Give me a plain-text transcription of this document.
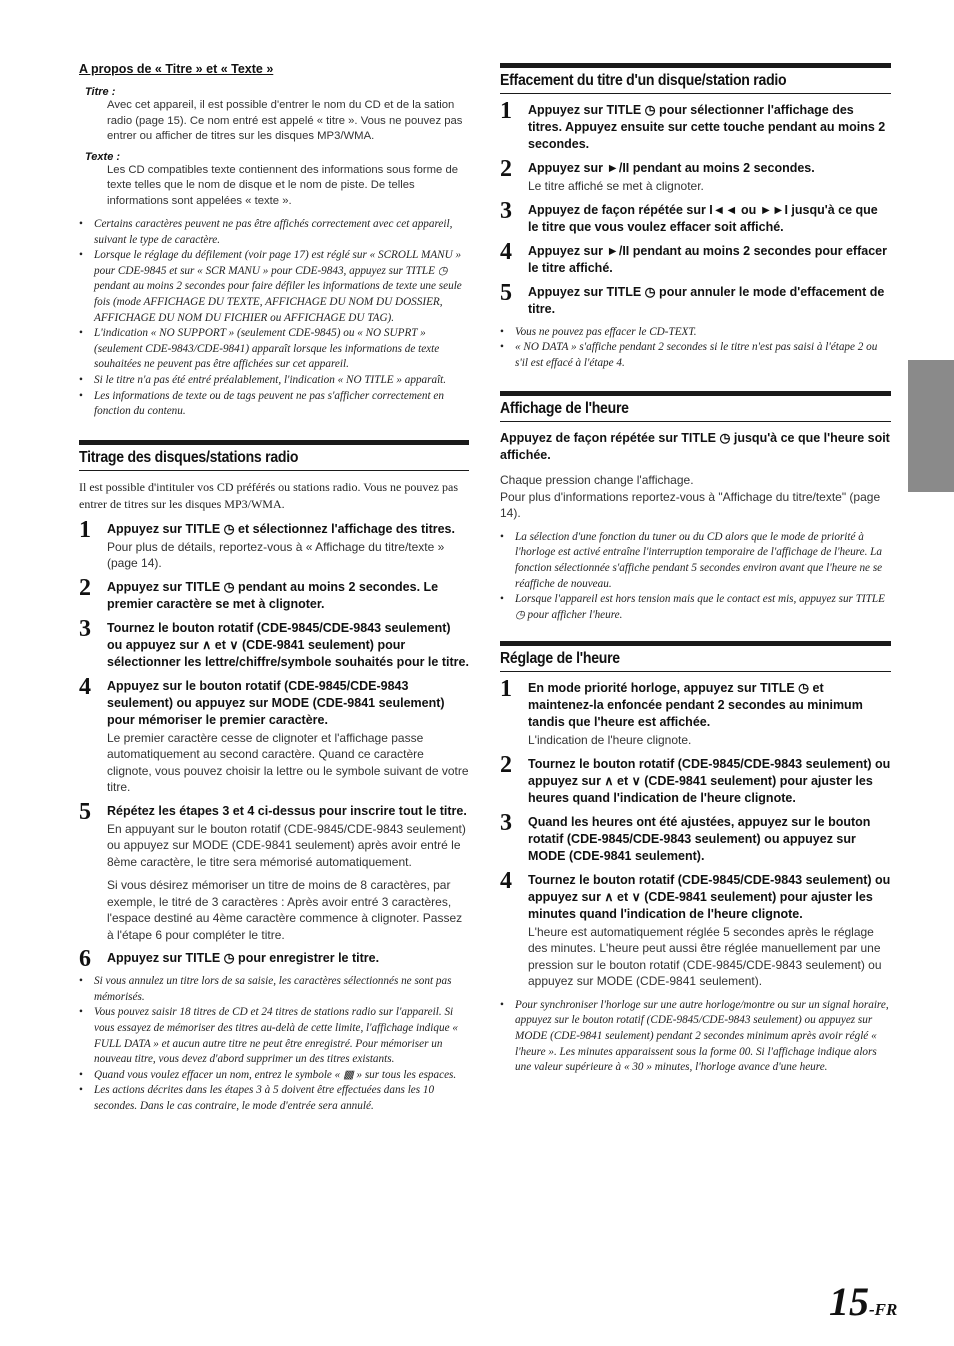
A propos de « Titre » et « Texte »
Titre :
Avec cet appareil, il est possible d'entrer le nom du CD et de la sation radio (page 15). Ce nom entré est appelé « titre ». Vous ne pouvez pas entrer ou afficher de titres sur les disques MP3/WMA.
Texte :
Les CD compatibles texte contiennent des informations sous forme de texte telles que le nom de disque et le nom de piste. De telles informations sont appelées « texte ».
• Certains caractères peuvent ne pas être affichés correctement avec cet appareil, suivant le type de caractère.
• Lorsque le réglage du défilement (voir page 17) est réglé sur « SCROLL MANU » pour CDE-9845 et sur « SCR MANU » pour CDE-9843, appuyez sur TITLE ◷ pendant au moins 2 secondes pour faire défiler les informations de texte une seule fois (mode AFFICHAGE DU TEXTE, AFFICHAGE DU NOM DU DOSSIER, AFFICHAGE DU NOM DU FICHIER ou AFFICHAGE DU TAG).
• L'indication « NO SUPPORT » (seulement CDE-9845) ou « NO SUPRT » (seulement CDE-9843/CDE-9841) apparaît lorsque les informations de texte souhaitées ne peuvent pas être affichées sur cet appareil.
• Si le titre n'a pas été entré préalablement, l'indication « NO TITLE » apparaît.
• Les informations de texte ou de tags peuvent ne pas s'afficher correctement en fonction du contenu.
Titrage des disques/stations radio

Il est possible d'intituler vos CD préférés ou stations radio. Vous ne pouvez pas entrer de titres sur les disques MP3/WMA.

1 Appuyez sur TITLE ◷ et sélectionnez l'affichage des titres.
Pour plus de détails, reportez-vous à « Affichage du titre/texte » (page 14).
2 Appuyez sur TITLE ◷ pendant au moins 2 secondes. Le premier caractère se met à clignoter.
3 Tournez le bouton rotatif (CDE-9845/CDE-9843 seulement) ou appuyez sur ∧ et ∨ (CDE-9841 seulement) pour sélectionner les lettre/chiffre/symbole souhaités pour le titre.
4 Appuyez sur le bouton rotatif (CDE-9845/CDE-9843 seulement) ou appuyez sur MODE (CDE-9841 seulement) pour mémoriser le premier caractère.
Le premier caractère cesse de clignoter et l'affichage passe automatiquement au second caractère. Quand ce caractère clignote, vous pouvez choisir la lettre ou le symbole suivant de votre titre.
5 Répétez les étapes 3 et 4 ci-dessus pour inscrire tout le titre.
En appuyant sur le bouton rotatif (CDE-9845/CDE-9843 seulement) ou appuyez sur MODE (CDE-9841 seulement) après avoir entré le 8ème caractère, le titre sera mémorisé automatiquement.
Si vous désirez mémoriser un titre de moins de 8 caractères, par exemple, le titré de 3 caractères : Après avoir entré 3 caractères, l'espace destiné au 4ème caractère commence à clignoter. Passez à l'étape 6 pour compléter le titre.
6 Appuyez sur TITLE ◷ pour enregistrer le titre.
• Si vous annulez un titre lors de sa saisie, les caractères sélectionnés ne sont pas mémorisés.
• Vous pouvez saisir 18 titres de CD et 24 titres de stations radio sur l'appareil. Si vous essayez de mémoriser des titres au-delà de cette limite, l'affichage indique « FULL DATA » et aucun autre titre ne peut être enregistré. Pour mémoriser un nouveau titre, vous devez d'abord supprimer un des titres existants.
• Quand vous voulez effacer un nom, entrez le symbole « ▩ » sur tous les espaces.
• Les actions décrites dans les étapes 3 à 5 doivent être effectuées dans les 10 secondes. Dans le cas contraire, le mode d'entrée sera annulé.
Effacement du titre d'un disque/station radio
1 Appuyez sur TITLE ◷ pour sélectionner l'affichage des titres. Appuyez ensuite sur cette touche pendant au moins 2 secondes.
2 Appuyez sur ►/II pendant au moins 2 secondes.
Le titre affiché se met à clignoter.
3 Appuyez de façon répétée sur I◄◄ ou ►►I jusqu'à ce que le titre que vous voulez effacer soit affiché.
4 Appuyez sur ►/II pendant au moins 2 secondes pour effacer le titre affiché.
5 Appuyez sur TITLE ◷ pour annuler le mode d'effacement de titre.
• Vous ne pouvez pas effacer le CD-TEXT.
• « NO DATA » s'affiche pendant 2 secondes si le titre n'est pas saisi à l'étape 2 ou s'il est effacé à l'étape 4.
Affichage de l'heure
Appuyez de façon répétée sur TITLE ◷ jusqu'à ce que l'heure soit affichée.
Chaque pression change l'affichage.
Pour plus d'informations reportez-vous à "Affichage du titre/texte" (page 14).
• La sélection d'une fonction du tuner ou du CD alors que le mode de priorité à l'horloge est activé entraîne l'interruption temporaire de l'affichage de l'heure. La fonction sélectionnée s'affiche pendant 5 secondes environ avant que l'heure ne se réaffiche de nouveau.
• Lorsque l'appareil est hors tension mais que le contact est mis, appuyez sur TITLE ◷ pour afficher l'heure.
Réglage de l'heure
1 En mode priorité horloge, appuyez sur TITLE ◷ et maintenez-la enfoncée pendant 2 secondes au minimum tandis que l'heure est affichée.
L'indication de l'heure clignote.
2 Tournez le bouton rotatif (CDE-9845/CDE-9843 seulement) ou appuyez sur ∧ et ∨ (CDE-9841 seulement) pour ajuster les heures quand l'indication de l'heure clignote.
3 Quand les heures ont été ajustées, appuyez sur le bouton rotatif (CDE-9845/CDE-9843 seulement) ou appuyez sur MODE (CDE-9841 seulement).
4 Tournez le bouton rotatif (CDE-9845/CDE-9843 seulement) ou appuyez sur ∧ et ∨ (CDE-9841 seulement) pour ajuster les minutes quand l'indication de l'heure clignote.
L'heure est automatiquement réglée 5 secondes après le réglage des minutes. L'heure peut aussi être réglée manuellement par une pression sur le bouton rotatif (CDE-9845/CDE-9843 seulement) ou appuyez sur MODE (CDE-9841 seulement).
• Pour synchroniser l'horloge sur une autre horloge/montre ou sur un signal horaire, appuyez sur le bouton rotatif (CDE-9845/CDE-9843 seulement) ou appuyez sur MODE (CDE-9841 seulement) pendant 2 secondes minimum après avoir réglé « l'heure ». Les minutes apparaissent sous la forme 00. Si l'affichage indique alors une valeur supérieure à « 30 » minutes, l'horloge avance d'une heure.
15-FR
